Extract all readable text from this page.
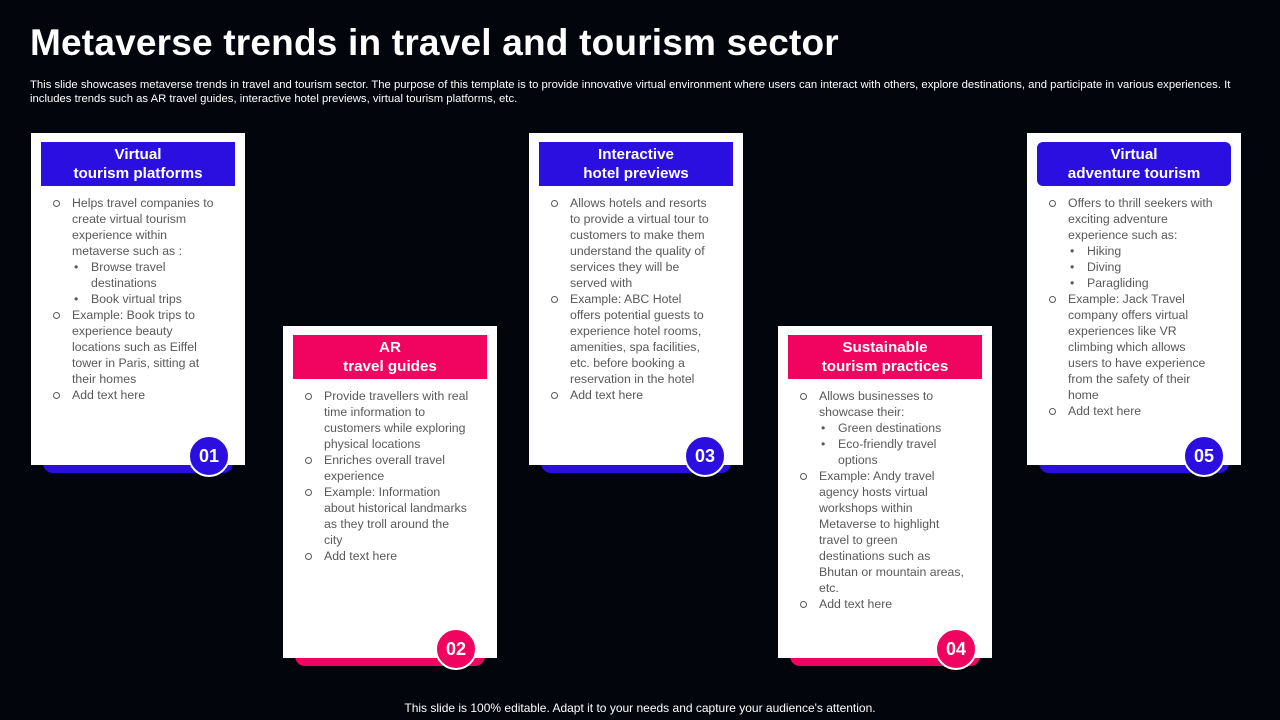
Metaverse trends in travel and tourism sector

This slide showcases metaverse trends in travel and tourism sector. The purpose of this template is to provide innovative virtual environment where users can interact with others, explore destinations, and participate in various experiences. It includes trends such as AR travel guides, interactive hotel previews, virtual tourism platforms, etc.

Virtual
tourism platforms
Helps travel companies to
create virtual tourism
experience within
metaverse such as :
• Browse travel
destinations
• Book virtual trips
Example: Book trips to
experience beauty
locations such as Eiffel
tower in Paris, sitting at
their homes
Add text here
01
AR
travel guides
Provide travellers with real
time information to
customers while exploring
physical locations
Enriches overall travel
experience
Example: Information
about historical landmarks
as they troll around the
city
Add text here
02
Interactive
hotel previews
Allows hotels and resorts
to provide a virtual tour to
customers to make them
understand the quality of
services they will be
served with
Example: ABC Hotel
offers potential guests to
experience hotel rooms,
amenities, spa facilities,
etc. before booking a
reservation in the hotel
Add text here
03
Sustainable
tourism practices
Allows businesses to
showcase their:
• Green destinations
• Eco-friendly travel
options
Example: Andy travel
agency hosts virtual
workshops within
Metaverse to highlight
travel to green
destinations such as
Bhutan or mountain areas,
etc.
Add text here
04
Virtual
adventure tourism
Offers to thrill seekers with
exciting adventure
experience such as:
• Hiking
• Diving
• Paragliding
Example: Jack Travel
company offers virtual
experiences like VR
climbing which allows
users to have experience
from the safety of their
home
Add text here
05
This slide is 100% editable. Adapt it to your needs and capture your audience's attention.
